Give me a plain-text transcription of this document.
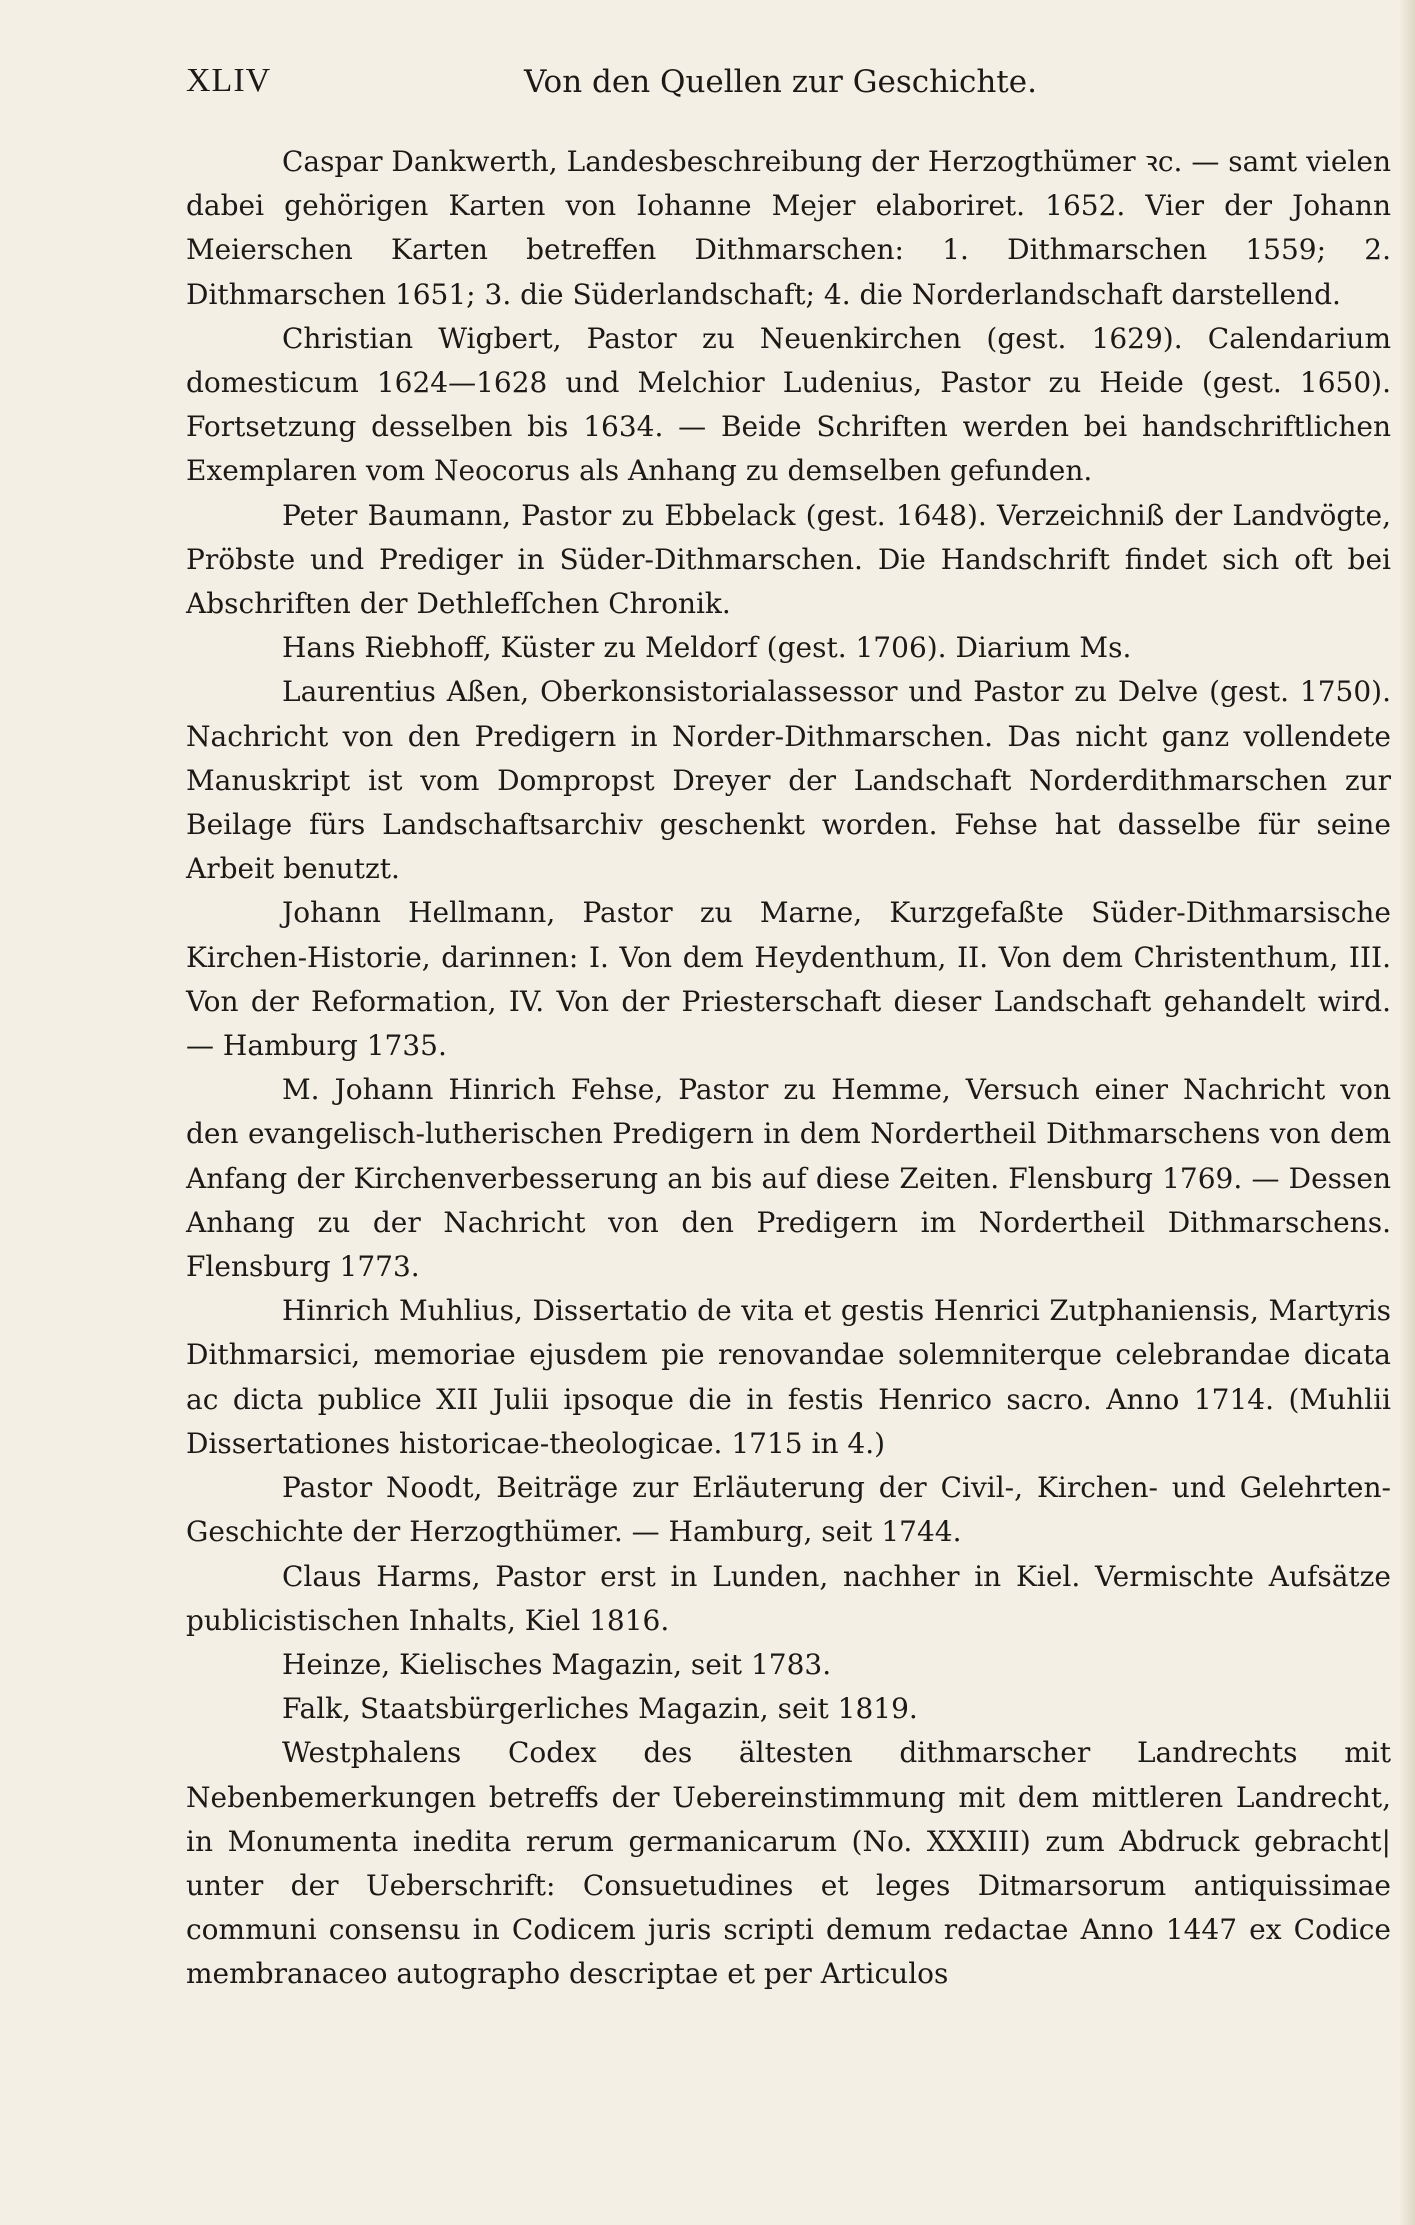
XLIV	Von den Quellen zur Geschichte.

Caspar Dankwerth, Landesbeschreibung der Herzogthümer ꝛc. — samt vielen dabei gehörigen Karten von Iohanne Mejer elaboriret. 1652. Vier der Johann Meierschen Karten betreffen Dithmarschen: 1. Dithmarschen 1559; 2. Dithmarschen 1651; 3. die Süderlandschaft; 4. die Norderlandschaft darstellend.

Christian Wigbert, Pastor zu Neuenkirchen (gest. 1629). Calendarium domesticum 1624—1628 und Melchior Ludenius, Pastor zu Heide (gest. 1650). Fortsetzung desselben bis 1634. — Beide Schriften werden bei handschriftlichen Exemplaren vom Neocorus als Anhang zu demselben gefunden.

Peter Baumann, Pastor zu Ebbelack (gest. 1648). Verzeichniß der Landvögte, Pröbste und Prediger in Süder-Dithmarschen. Die Handschrift findet sich oft bei Abschriften der Dethlefſchen Chronik.

Hans Riebhoff, Küster zu Meldorf (gest. 1706). Diarium Ms.

Laurentius Aßen, Oberkonsistorialassessor und Pastor zu Delve (gest. 1750). Nachricht von den Predigern in Norder-Dithmarschen. Das nicht ganz vollendete Manuskript ist vom Dompropst Dreyer der Landschaft Norderdithmarschen zur Beilage fürs Landschaftsarchiv geschenkt worden. Fehse hat dasselbe für seine Arbeit benutzt.

Johann Hellmann, Pastor zu Marne, Kurzgefaßte Süder-Dithmarsische Kirchen-Historie, darinnen: I. Von dem Heydenthum, II. Von dem Christenthum, III. Von der Reformation, IV. Von der Priesterschaft dieser Landschaft gehandelt wird. — Hamburg 1735.

M. Johann Hinrich Fehse, Pastor zu Hemme, Versuch einer Nachricht von den evangelisch-lutherischen Predigern in dem Nordertheil Dithmarschens von dem Anfang der Kirchenverbesserung an bis auf diese Zeiten. Flensburg 1769. — Dessen Anhang zu der Nachricht von den Predigern im Nordertheil Dithmarschens. Flensburg 1773.

Hinrich Muhlius, Dissertatio de vita et gestis Henrici Zutphaniensis, Martyris Dithmarsici, memoriae ejusdem pie renovandae solemniterque celebrandae dicata ac dicta publice XII Julii ipsoque die in festis Henrico sacro. Anno 1714. (Muhlii Dissertationes historicae-theologicae. 1715 in 4.)

Pastor Noodt, Beiträge zur Erläuterung der Civil-, Kirchen- und Gelehrten-Geschichte der Herzogthümer. — Hamburg, seit 1744.

Claus Harms, Pastor erst in Lunden, nachher in Kiel. Vermischte Aufsätze publicistischen Inhalts, Kiel 1816.

Heinze, Kielisches Magazin, seit 1783.

Falk, Staatsbürgerliches Magazin, seit 1819.

Westphalens Codex des ältesten dithmarscher Landrechts mit Nebenbemerkungen betreffs der Uebereinstimmung mit dem mittleren Landrecht, in Monumenta inedita rerum germanicarum (No. XXXIII) zum Abdruck gebracht| unter der Ueberschrift: Consuetudines et leges Ditmarsorum antiquissimae communi consensu in Codicem juris scripti demum redactae Anno 1447 ex Codice membranaceo autographo descriptae et per Articulos
